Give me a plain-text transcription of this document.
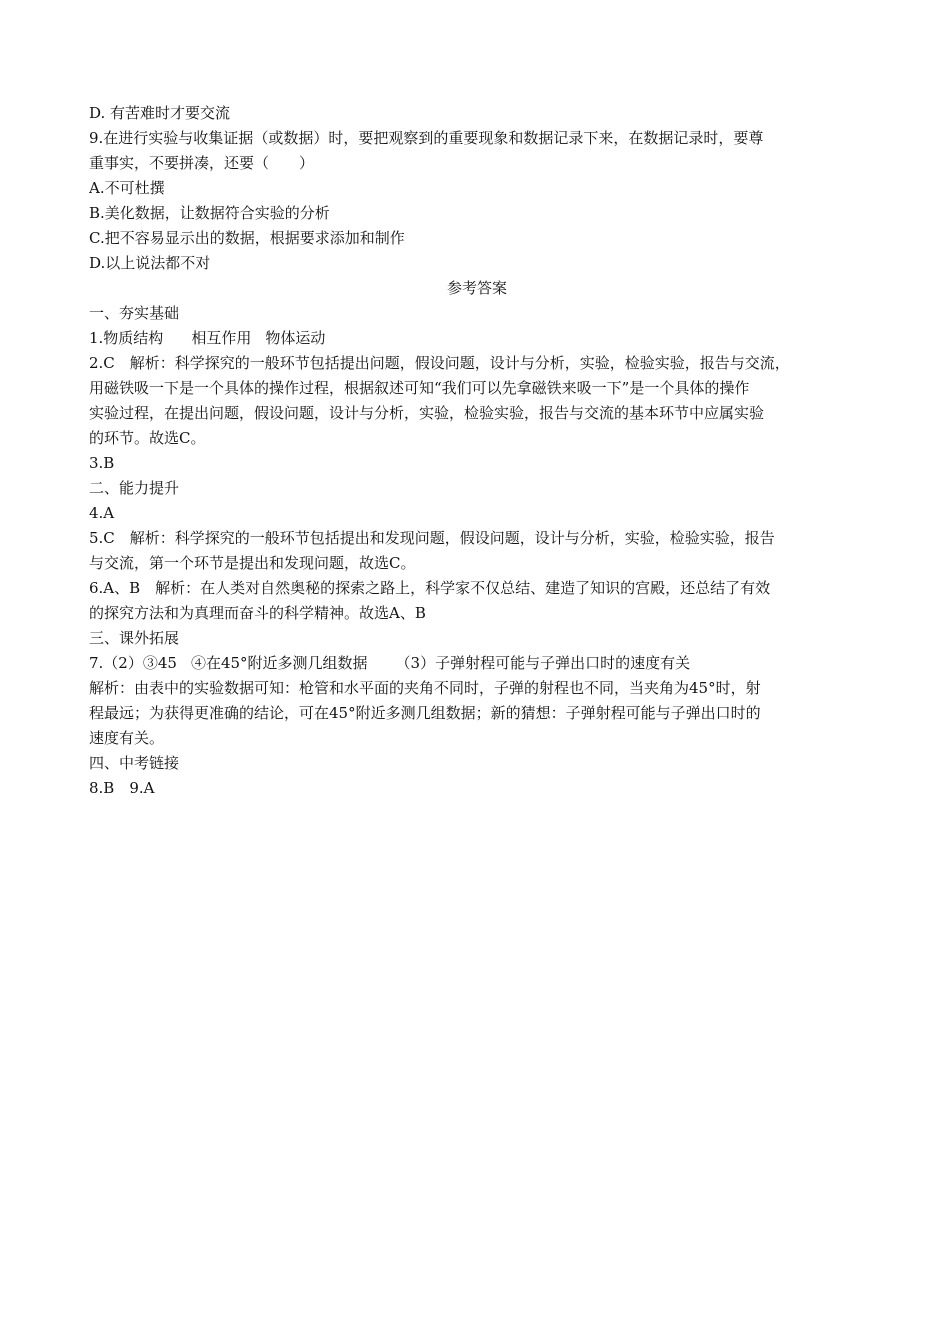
D. 有苦难时才要交流
9.在进行实验与收集证据（或数据）时，要把观察到的重要现象和数据记录下来，在数据记录时，要尊
重事实，不要拼凑，还要（　　）
A.不可杜撰
B.美化数据，让数据符合实验的分析
C.把不容易显示出的数据，根据要求添加和制作
D.以上说法都不对
参考答案
一、夯实基础
1.物质结构 相互作用 物体运动
2.C　解析：科学探究的一般环节包括提出问题，假设问题，设计与分析，实验，检验实验，报告与交流，
用磁铁吸一下是一个具体的操作过程，根据叙述可知“我们可以先拿磁铁来吸一下”是一个具体的操作
实验过程，在提出问题，假设问题，设计与分析，实验，检验实验，报告与交流的基本环节中应属实验
的环节。故选C。
3.B
二、能力提升
4.A
5.C　解析：科学探究的一般环节包括提出和发现问题，假设问题，设计与分析，实验，检验实验，报告
与交流，第一个环节是提出和发现问题，故选C。
6.A、B　解析：在人类对自然奥秘的探索之路上，科学家不仅总结、建造了知识的宫殿，还总结了有效
的探究方法和为真理而奋斗的科学精神。故选A、B
三、课外拓展
7.（2）③45 ④在45°附近多测几组数据 （3）子弹射程可能与子弹出口时的速度有关
解析：由表中的实验数据可知：枪管和水平面的夹角不同时，子弹的射程也不同，当夹角为45°时，射
程最远；为获得更准确的结论，可在45°附近多测几组数据；新的猜想：子弹射程可能与子弹出口时的
速度有关。
四、中考链接
8.B　9.A
